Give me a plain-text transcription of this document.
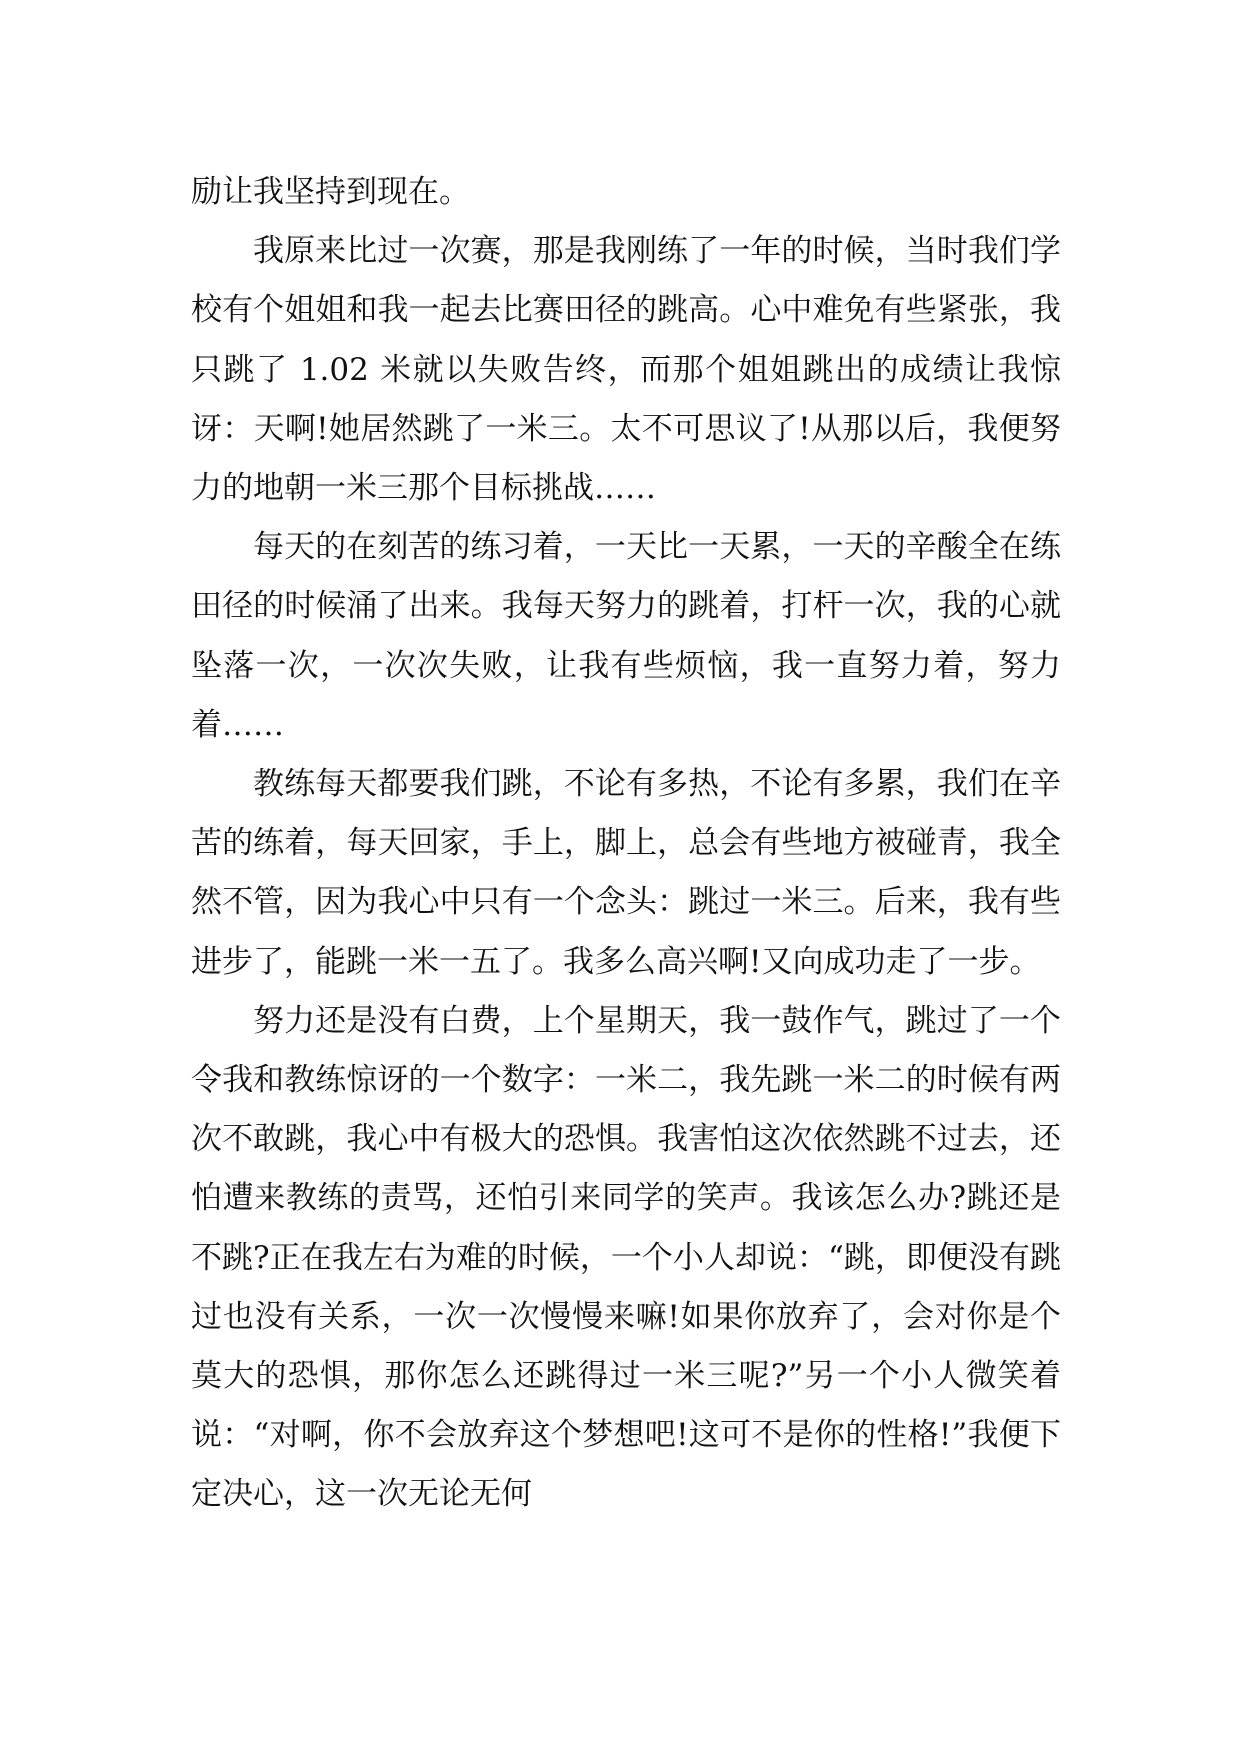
励让我坚持到现在。

我原来比过一次赛，那是我刚练了一年的时候，当时我们学校有个姐姐和我一起去比赛田径的跳高。心中难免有些紧张，我只跳了 1.02 米就以失败告终，而那个姐姐跳出的成绩让我惊讶：天啊!她居然跳了一米三。太不可思议了!从那以后，我便努力的地朝一米三那个目标挑战……

每天的在刻苦的练习着，一天比一天累，一天的辛酸全在练田径的时候涌了出来。我每天努力的跳着，打杆一次，我的心就坠落一次，一次次失败，让我有些烦恼，我一直努力着，努力着……

教练每天都要我们跳，不论有多热，不论有多累，我们在辛苦的练着，每天回家，手上，脚上，总会有些地方被碰青，我全然不管，因为我心中只有一个念头：跳过一米三。后来，我有些进步了，能跳一米一五了。我多么高兴啊!又向成功走了一步。

努力还是没有白费，上个星期天，我一鼓作气，跳过了一个令我和教练惊讶的一个数字：一米二，我先跳一米二的时候有两次不敢跳，我心中有极大的恐惧。我害怕这次依然跳不过去，还怕遭来教练的责骂，还怕引来同学的笑声。我该怎么办?跳还是不跳?正在我左右为难的时候，一个小人却说：“跳，即便没有跳过也没有关系，一次一次慢慢来嘛!如果你放弃了，会对你是个莫大的恐惧，那你怎么还跳得过一米三呢?”另一个小人微笑着说：“对啊，你不会放弃这个梦想吧!这可不是你的性格!”我便下定决心，这一次无论无何
